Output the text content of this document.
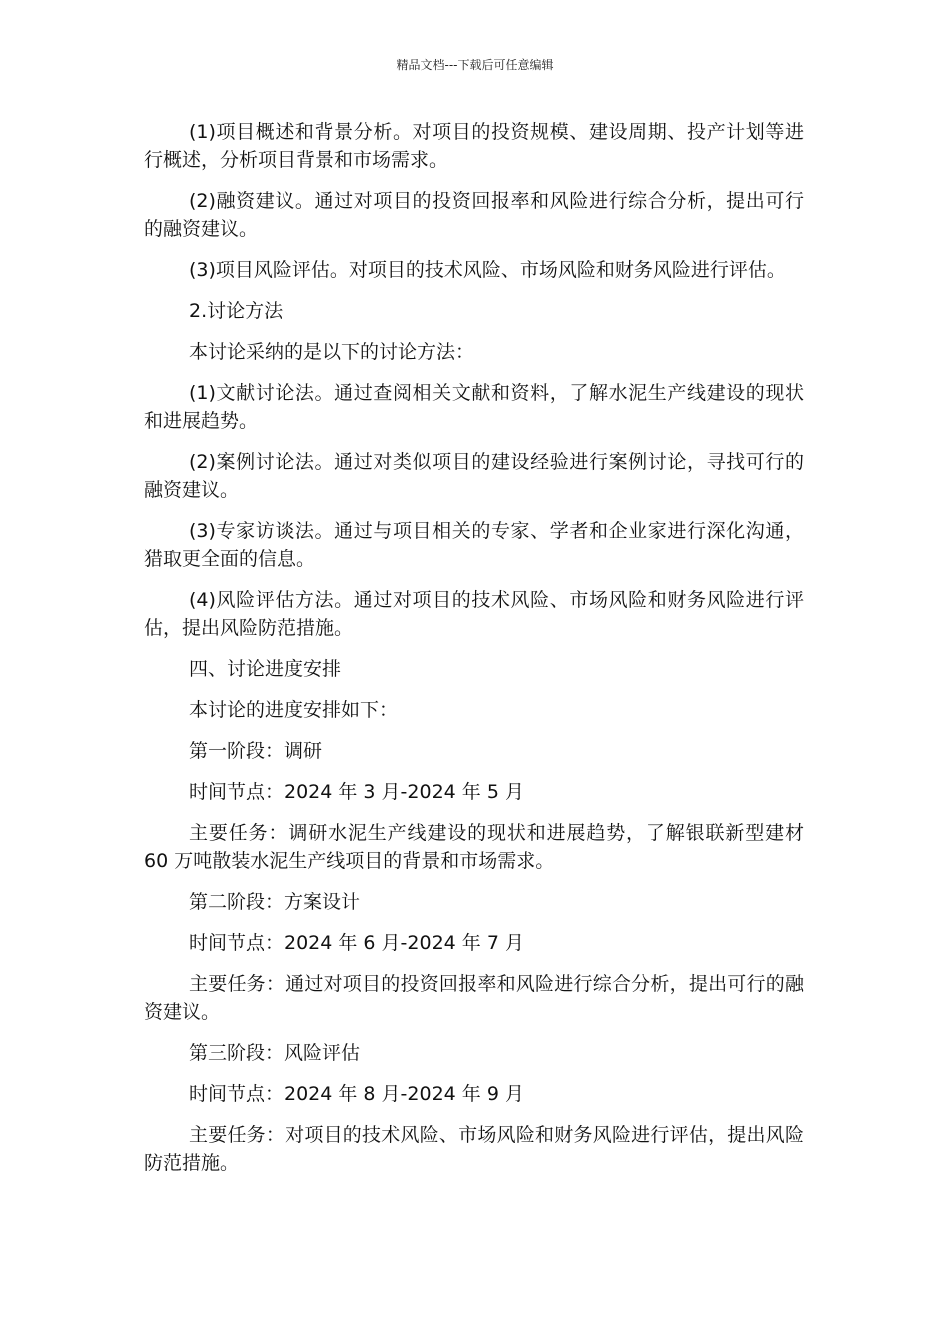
精品文档---下载后可任意编辑

(1)项目概述和背景分析。对项目的投资规模、建设周期、投产计划等进行概述，分析项目背景和市场需求。

(2)融资建议。通过对项目的投资回报率和风险进行综合分析，提出可行的融资建议。

(3)项目风险评估。对项目的技术风险、市场风险和财务风险进行评估。

2.讨论方法

本讨论采纳的是以下的讨论方法：

(1)文献讨论法。通过查阅相关文献和资料，了解水泥生产线建设的现状和进展趋势。

(2)案例讨论法。通过对类似项目的建设经验进行案例讨论，寻找可行的融资建议。

(3)专家访谈法。通过与项目相关的专家、学者和企业家进行深化沟通，猎取更全面的信息。

(4)风险评估方法。通过对项目的技术风险、市场风险和财务风险进行评估，提出风险防范措施。

四、讨论进度安排

本讨论的进度安排如下：

第一阶段：调研

时间节点：2024 年 3 月-2024 年 5 月

主要任务：调研水泥生产线建设的现状和进展趋势，了解银联新型建材 60 万吨散装水泥生产线项目的背景和市场需求。

第二阶段：方案设计

时间节点：2024 年 6 月-2024 年 7 月

主要任务：通过对项目的投资回报率和风险进行综合分析，提出可行的融资建议。

第三阶段：风险评估

时间节点：2024 年 8 月-2024 年 9 月

主要任务：对项目的技术风险、市场风险和财务风险进行评估，提出风险防范措施。
